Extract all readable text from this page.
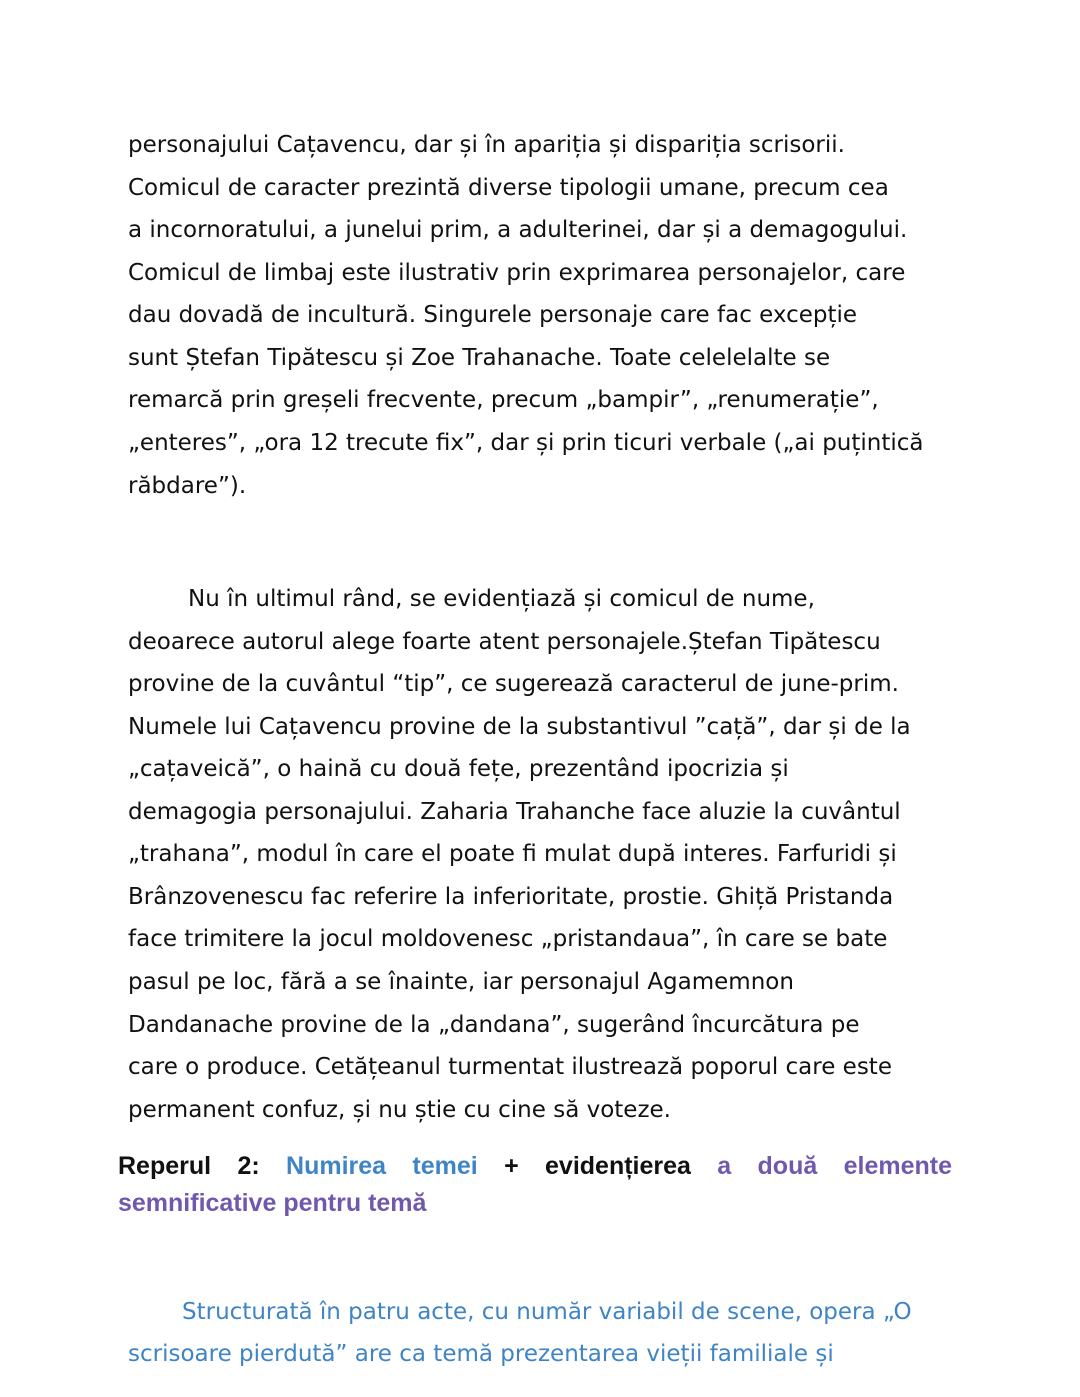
personajului Cațavencu, dar și în apariția și dispariția scrisorii.
Comicul de caracter prezintă diverse tipologii umane, precum cea
a incornoratului, a junelui prim, a adulterinei, dar și a demagogului.
Comicul de limbaj este ilustrativ prin exprimarea personajelor, care
dau dovadă de incultură. Singurele personaje care fac excepție
sunt Ștefan Tipătescu și Zoe Trahanache. Toate celelelalte se
remarcă prin greșeli frecvente, precum „bampir”, „renumerație”,
„enteres”, „ora 12 trecute fix”, dar și prin ticuri verbale („ai puțintică
răbdare”).
Nu în ultimul rând, se evidențiază și comicul de nume,
deoarece autorul alege foarte atent personajele.Ștefan Tipătescu
provine de la cuvântul “tip”, ce sugerează caracterul de june-prim.
Numele lui Cațavencu provine de la substantivul ”cață”, dar și de la
„cațaveică”, o haină cu două fețe, prezentând ipocrizia și
demagogia personajului. Zaharia Trahanche face aluzie la cuvântul
„trahana”, modul în care el poate fi mulat după interes. Farfuridi și
Brânzovenescu fac referire la inferioritate, prostie. Ghiță Pristanda
face trimitere la jocul moldovenesc „pristandaua”, în care se bate
pasul pe loc, fără a se înainte, iar personajul Agamemnon
Dandanache provine de la „dandana”, sugerând încurcătura pe
care o produce. Cetățeanul turmentat ilustrează poporul care este
permanent confuz, și nu știe cu cine să voteze.
Reperul 2: Numirea temei + evidențierea a două elemente
semnificative pentru temă
Structurată în patru acte, cu număr variabil de scene, opera „O
scrisoare pierdută” are ca temă prezentarea vieții familiale și
